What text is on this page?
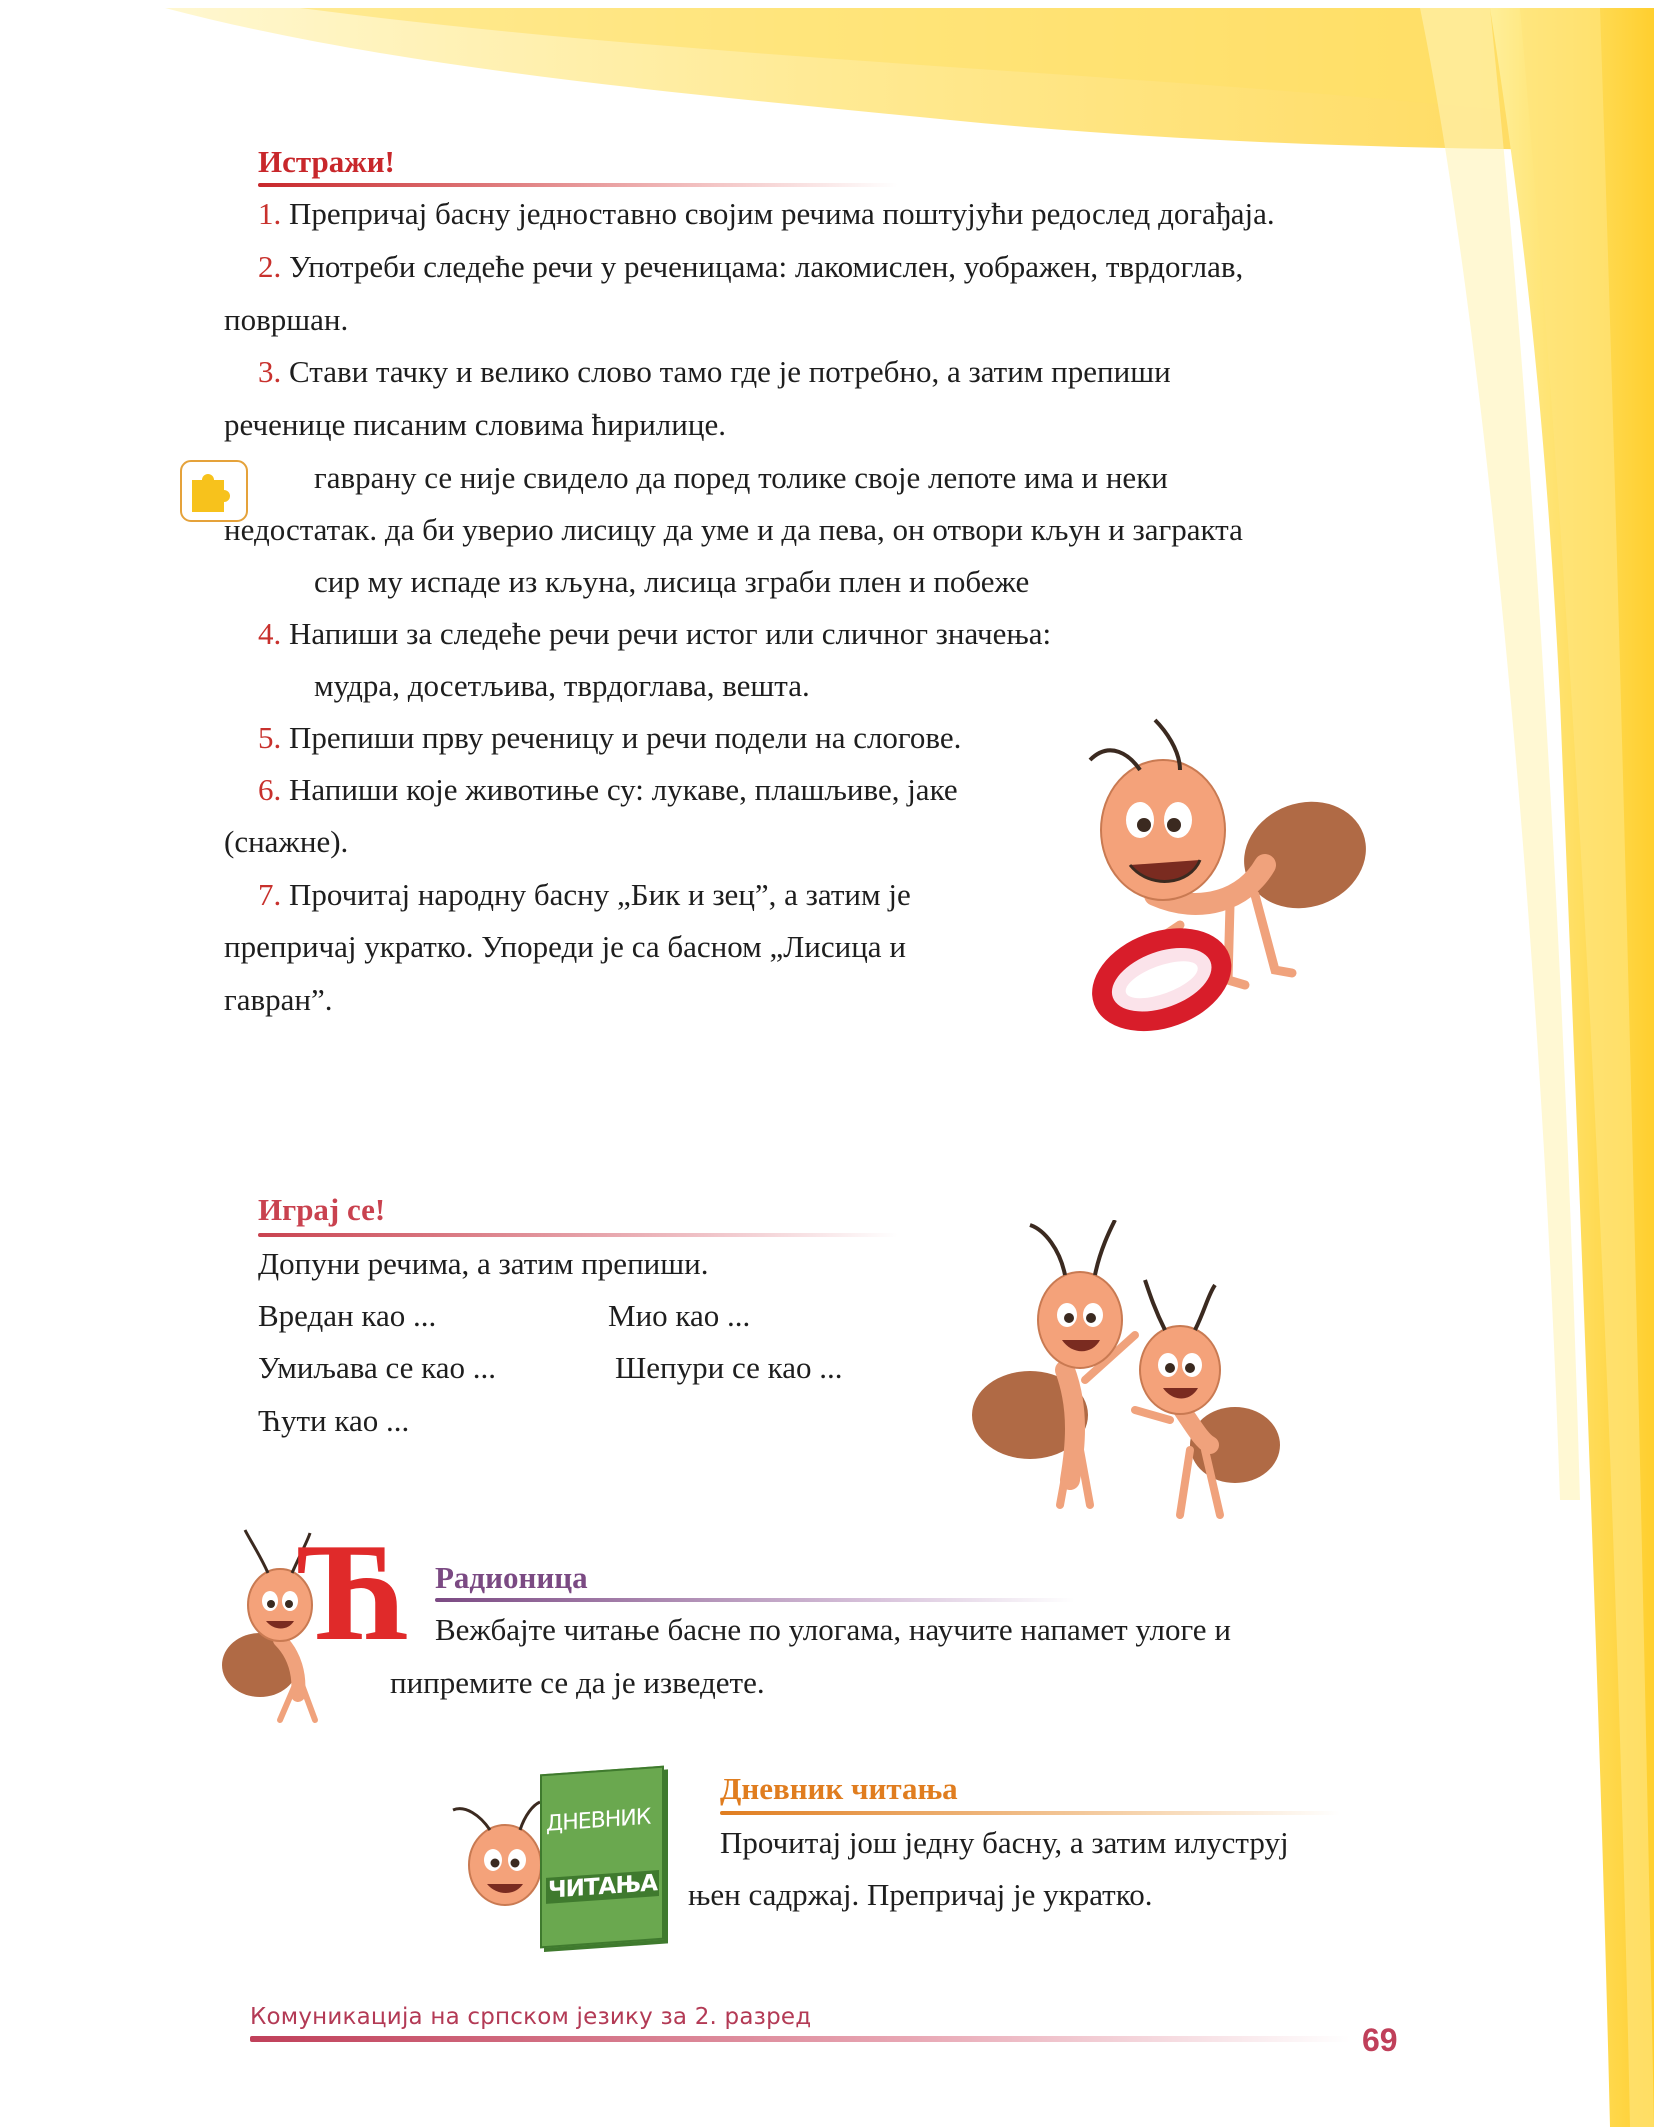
Истражи!
1. Препричај басну једноставно својим речима поштујући редослед догађаја.
2. Употреби следеће речи у реченицама: лакомислен, уображен, тврдоглав,
површан.
3. Стави тачку и велико слово тамо где је потребно, а затим препиши
реченице писаним словима ћирилице.
гаврану се није свидело да поред толике своје лепоте има и неки
недостатак. да би уверио лисицу да уме и да пева, он отвори кљун и загракта
сир му испаде из кљуна, лисица зграби плен и побеже
4. Напиши за следеће речи речи истог или сличног значења:
мудра, досетљива, тврдоглава, вешта.
5. Препиши прву реченицу и речи подели на слогове.
6. Напиши које животиње су: лукаве, плашљиве, јаке
(снажне).
7. Прочитај народну басну „Бик и зец”, а затим је
препричај укратко. Упореди је са басном „Лисица и
гавран”.
Играј се!
Допуни речима, а затим препиши.
Вредан као ...	Мио као ...
Умиљава се као ...	Шепури се као ...
Ћути као ...
Ћ Радионица
Вежбајте читање басне по улогама, научите напамет улоге и
пипремите се да је изведете.
ДНЕВНИК
ЧИТАЊА
Дневник читања
Прочитај још једну басну, а затим илуструј
њен садржај. Препричај је укратко.
Комуникација на српском језику за 2. разред
69
